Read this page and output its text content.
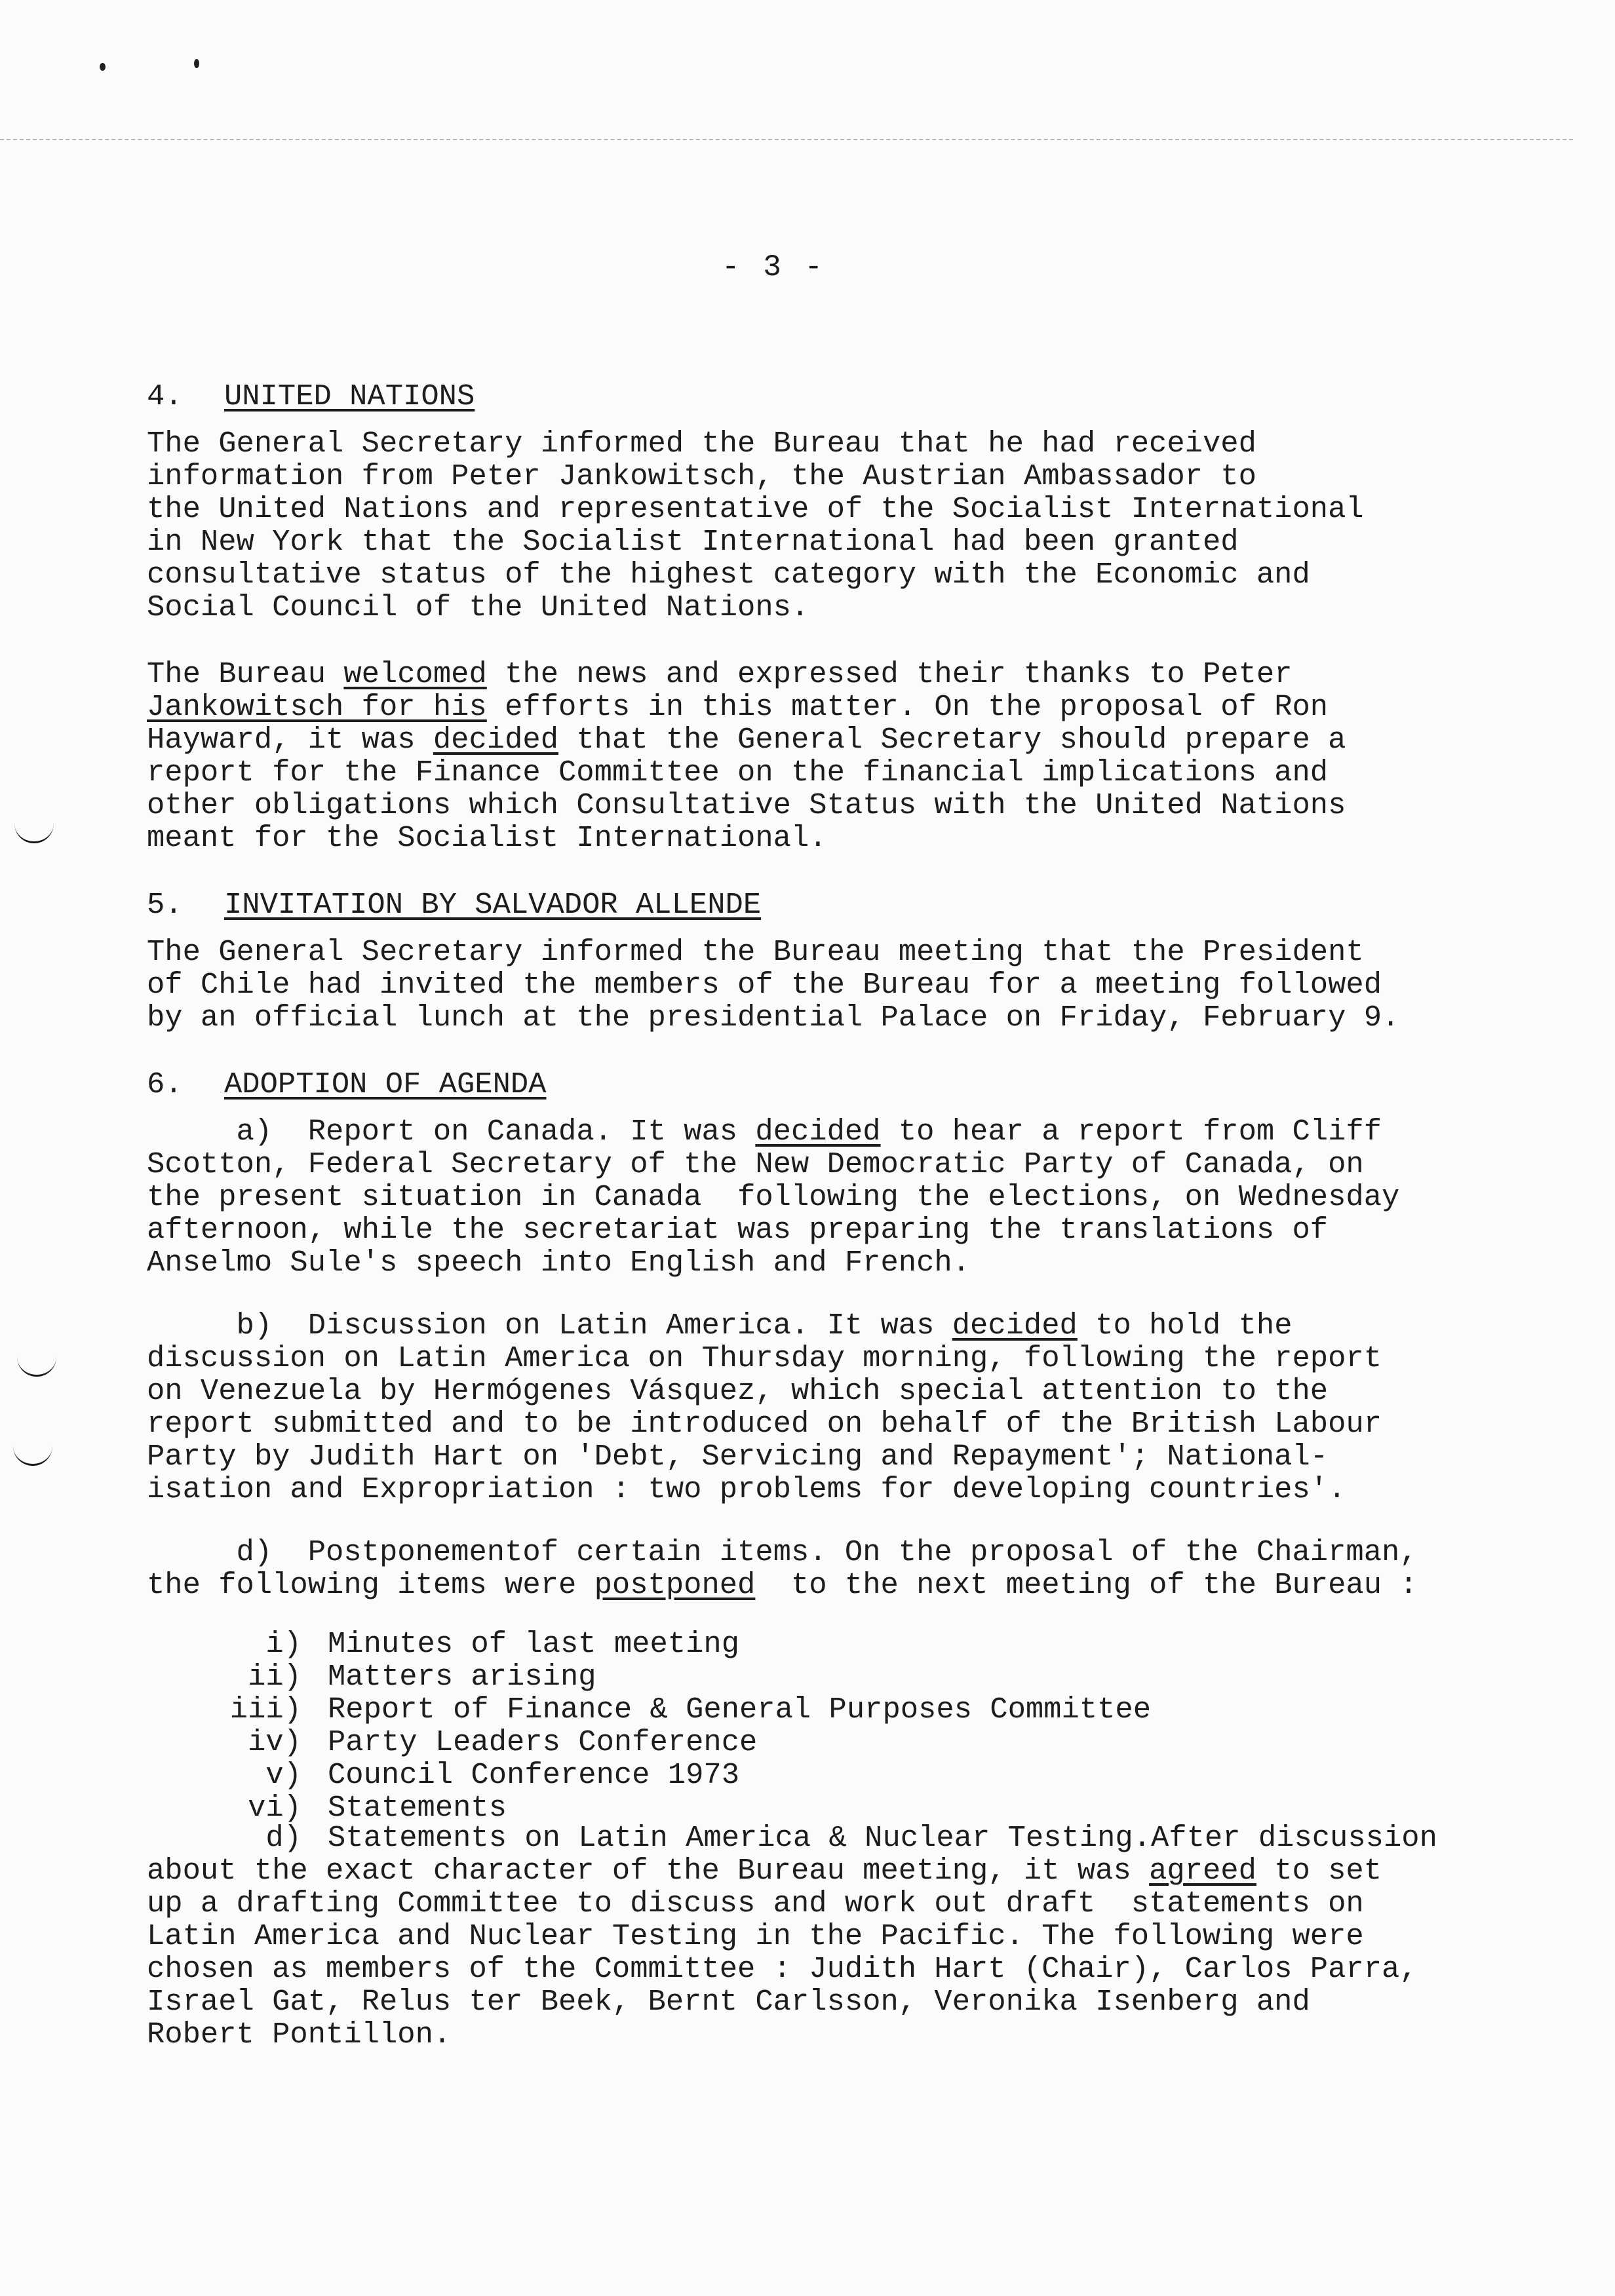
- 3 -
4. UNITED NATIONS
The General Secretary informed the Bureau that he had received
information from Peter Jankowitsch, the Austrian Ambassador to
the United Nations and representative of the Socialist International
in New York that the Socialist International had been granted
consultative status of the highest category with the Economic and
Social Council of the United Nations.
The Bureau welcomed the news and expressed their thanks to Peter
Jankowitsch for his efforts in this matter. On the proposal of Ron
Hayward, it was decided that the General Secretary should prepare a
report for the Finance Committee on the financial implications and
other obligations which Consultative Status with the United Nations
meant for the Socialist International.
5. INVITATION BY SALVADOR ALLENDE
The General Secretary informed the Bureau meeting that the President
of Chile had invited the members of the Bureau for a meeting followed
by an official lunch at the presidential Palace on Friday, February 9.
6. ADOPTION OF AGENDA
a)  Report on Canada. It was decided to hear a report from Cliff
Scotton, Federal Secretary of the New Democratic Party of Canada, on
the present situation in Canada  following the elections, on Wednesday
afternoon, while the secretariat was preparing the translations of
Anselmo Sule's speech into English and French.
b)  Discussion on Latin America. It was decided to hold the
discussion on Latin America on Thursday morning, following the report
on Venezuela by Hermógenes Vásquez, which special attention to the
report submitted and to be introduced on behalf of the British Labour
Party by Judith Hart on 'Debt, Servicing and Repayment'; National-
isation and Expropriation : two problems for developing countries'.
d)  Postponementof certain items. On the proposal of the Chairman,
the following items were postponed  to the next meeting of the Bureau :
i) Minutes of last meeting
ii) Matters arising
iii) Report of Finance & General Purposes Committee
iv) Party Leaders Conference
v) Council Conference 1973
vi) Statements
d) Statements on Latin America & Nuclear Testing.After discussion
about the exact character of the Bureau meeting, it was agreed to set
up a drafting Committee to discuss and work out draft  statements on
Latin America and Nuclear Testing in the Pacific. The following were
chosen as members of the Committee : Judith Hart (Chair), Carlos Parra,
Israel Gat, Relus ter Beek, Bernt Carlsson, Veronika Isenberg and
Robert Pontillon.
